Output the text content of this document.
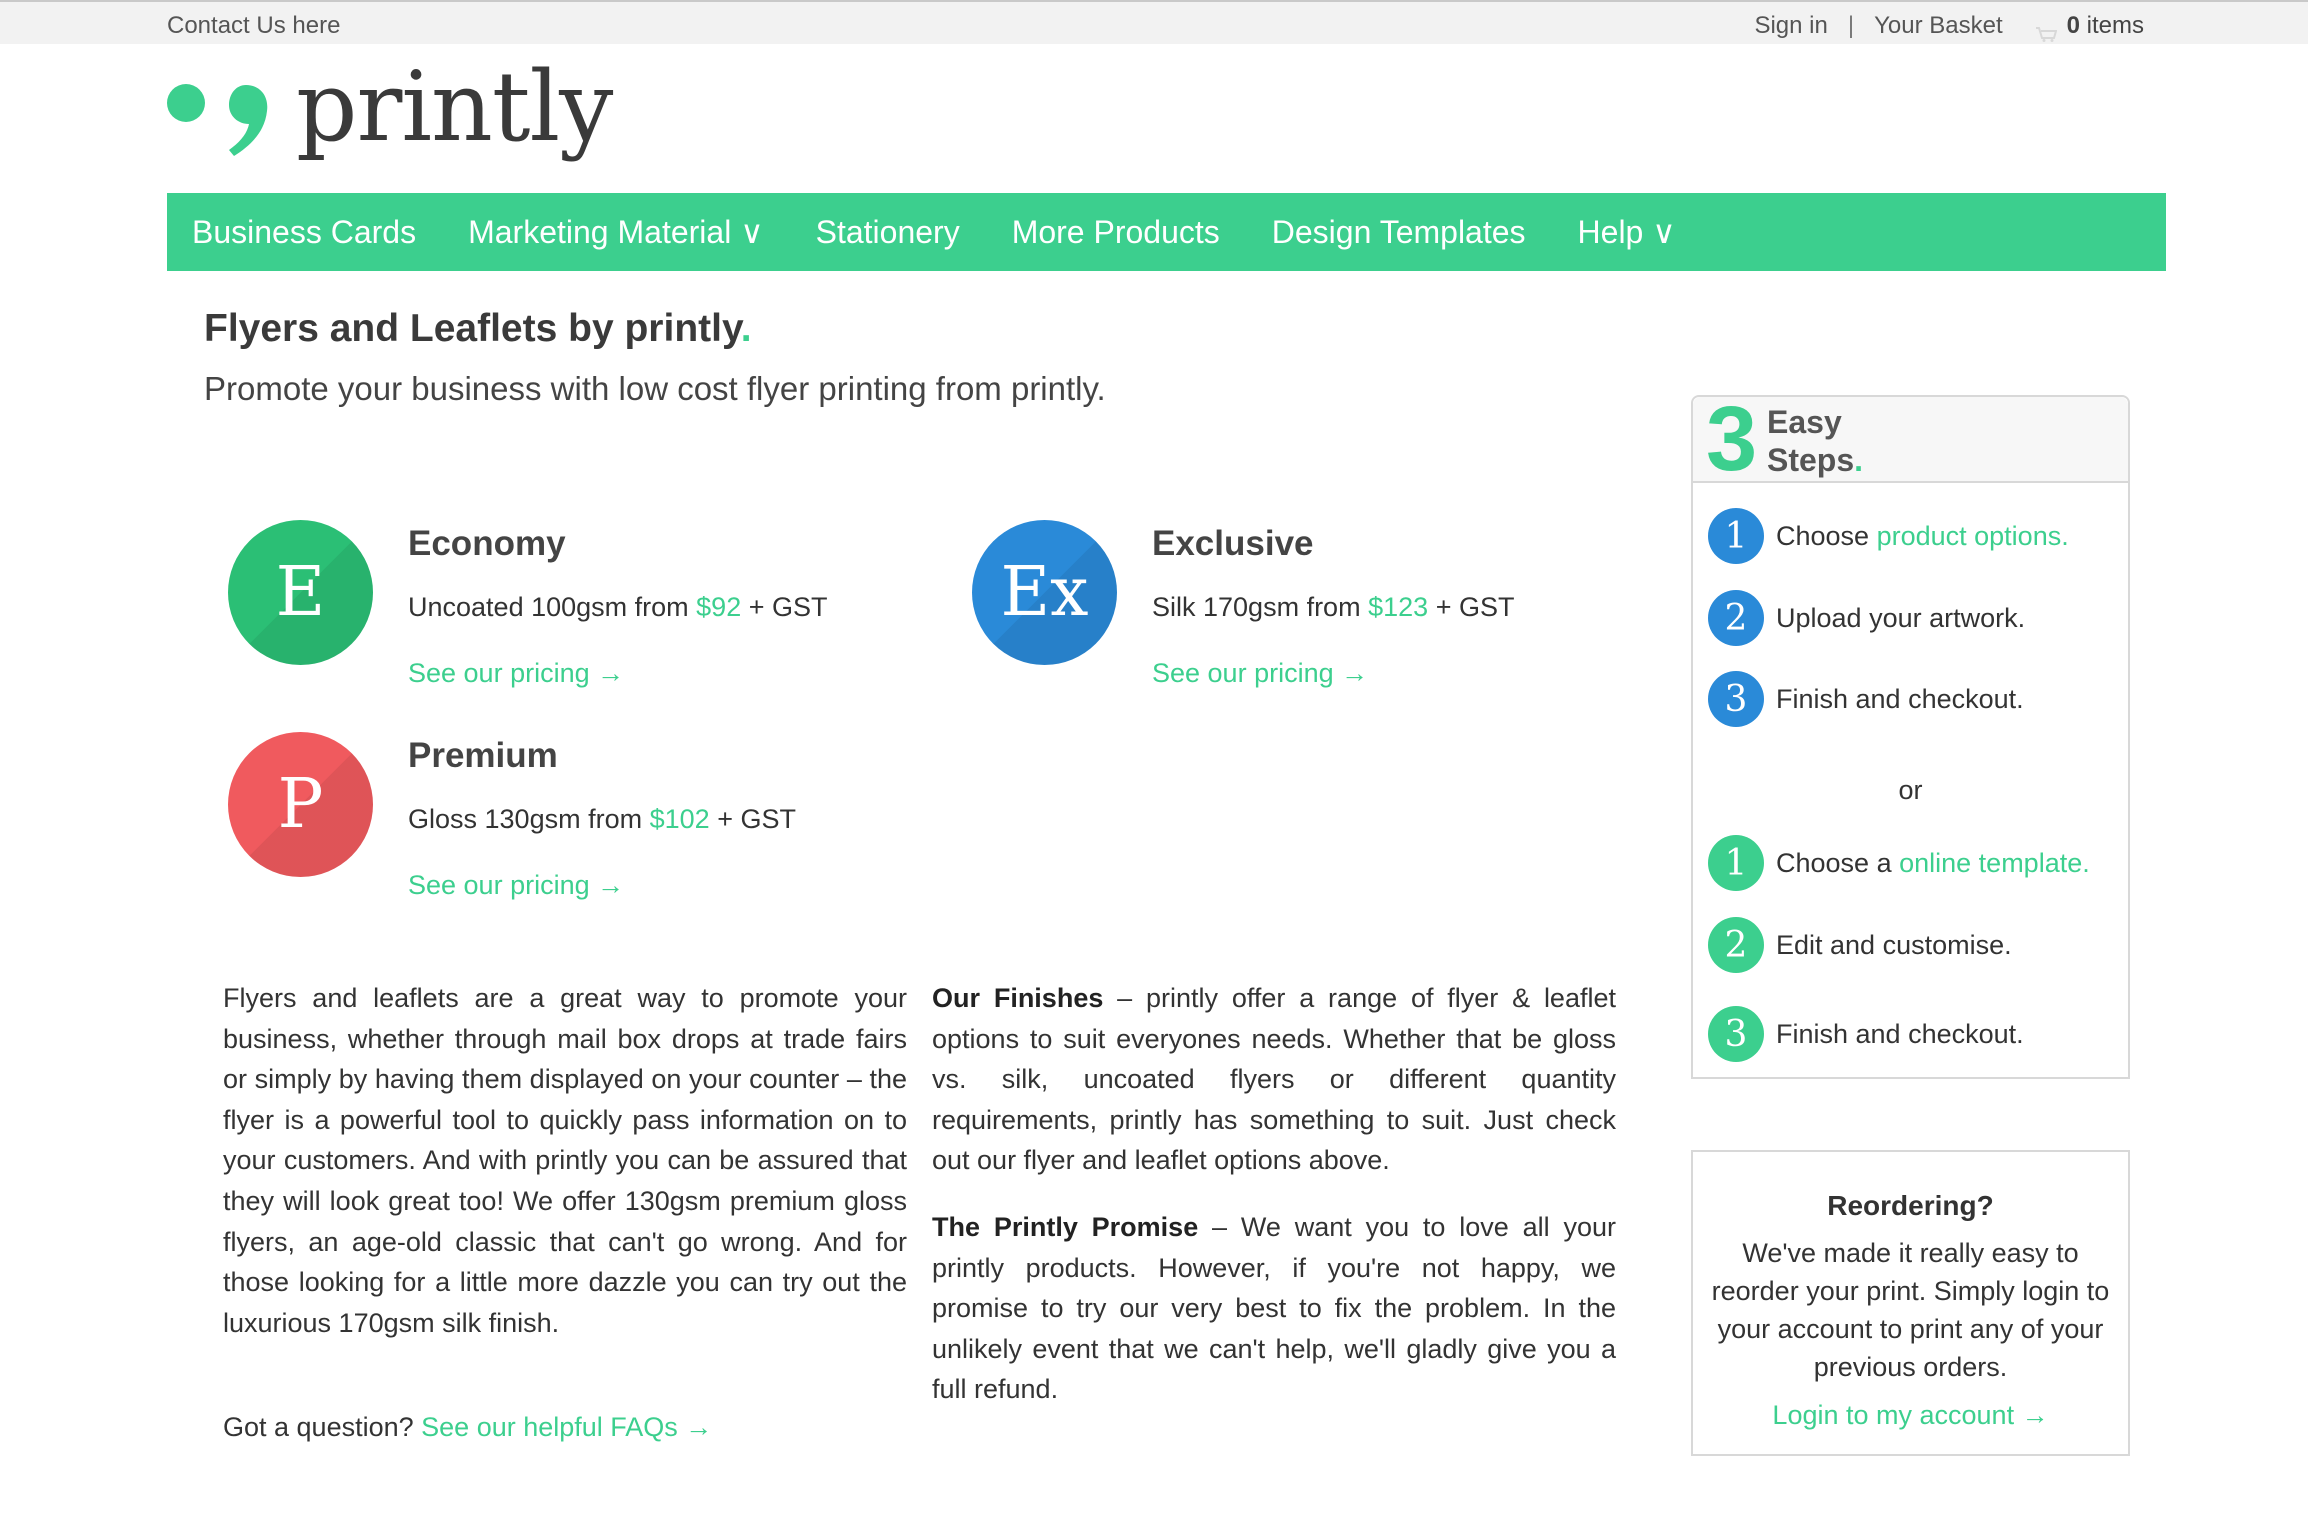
Contact Us here	Sign in | Your Basket	0 items
printly
Business Cards Marketing Material ∨ Stationery More Products Design Templates Help ∨
Flyers and Leaflets by printly.

Promote your business with low cost flyer printing from printly.

E
Economy
Uncoated 100gsm from $92 + GST
See our pricing →
Ex
Exclusive
Silk 170gsm from $123 + GST
See our pricing →
P
Premium
Gloss 130gsm from $102 + GST
See our pricing →

Flyers and leaflets are a great way to promote your business, whether through mail box drops at trade fairs or simply by having them displayed on your counter – the flyer is a powerful tool to quickly pass information on to your customers. And with printly you can be assured that they will look great too! We offer 130gsm premium gloss flyers, an age-old classic that can't go wrong. And for those looking for a little more dazzle you can try out the luxurious 170gsm silk finish.

Got a question? See our helpful FAQs →

Our Finishes – printly offer a range of flyer & leaflet options to suit everyones needs. Whether that be gloss vs. silk, uncoated flyers or different quantity requirements, printly has something to suit. Just check out our flyer and leaflet options above.

The Printly Promise – We want you to love all your printly products. However, if you're not happy, we promise to try our very best to fix the problem. In the unlikely event that we can't help, we'll gladly give you a full refund.

3 Easy
Steps.
1	Choose
product options.
2	Upload your artwork.
3	Finish and checkout.
or
1	Choose a
online template.
2	Edit and customise.
3	Finish and checkout.
Reordering?
We've made it really easy to reorder your print. Simply login to your account to print any of your previous orders.
Login to my account →
